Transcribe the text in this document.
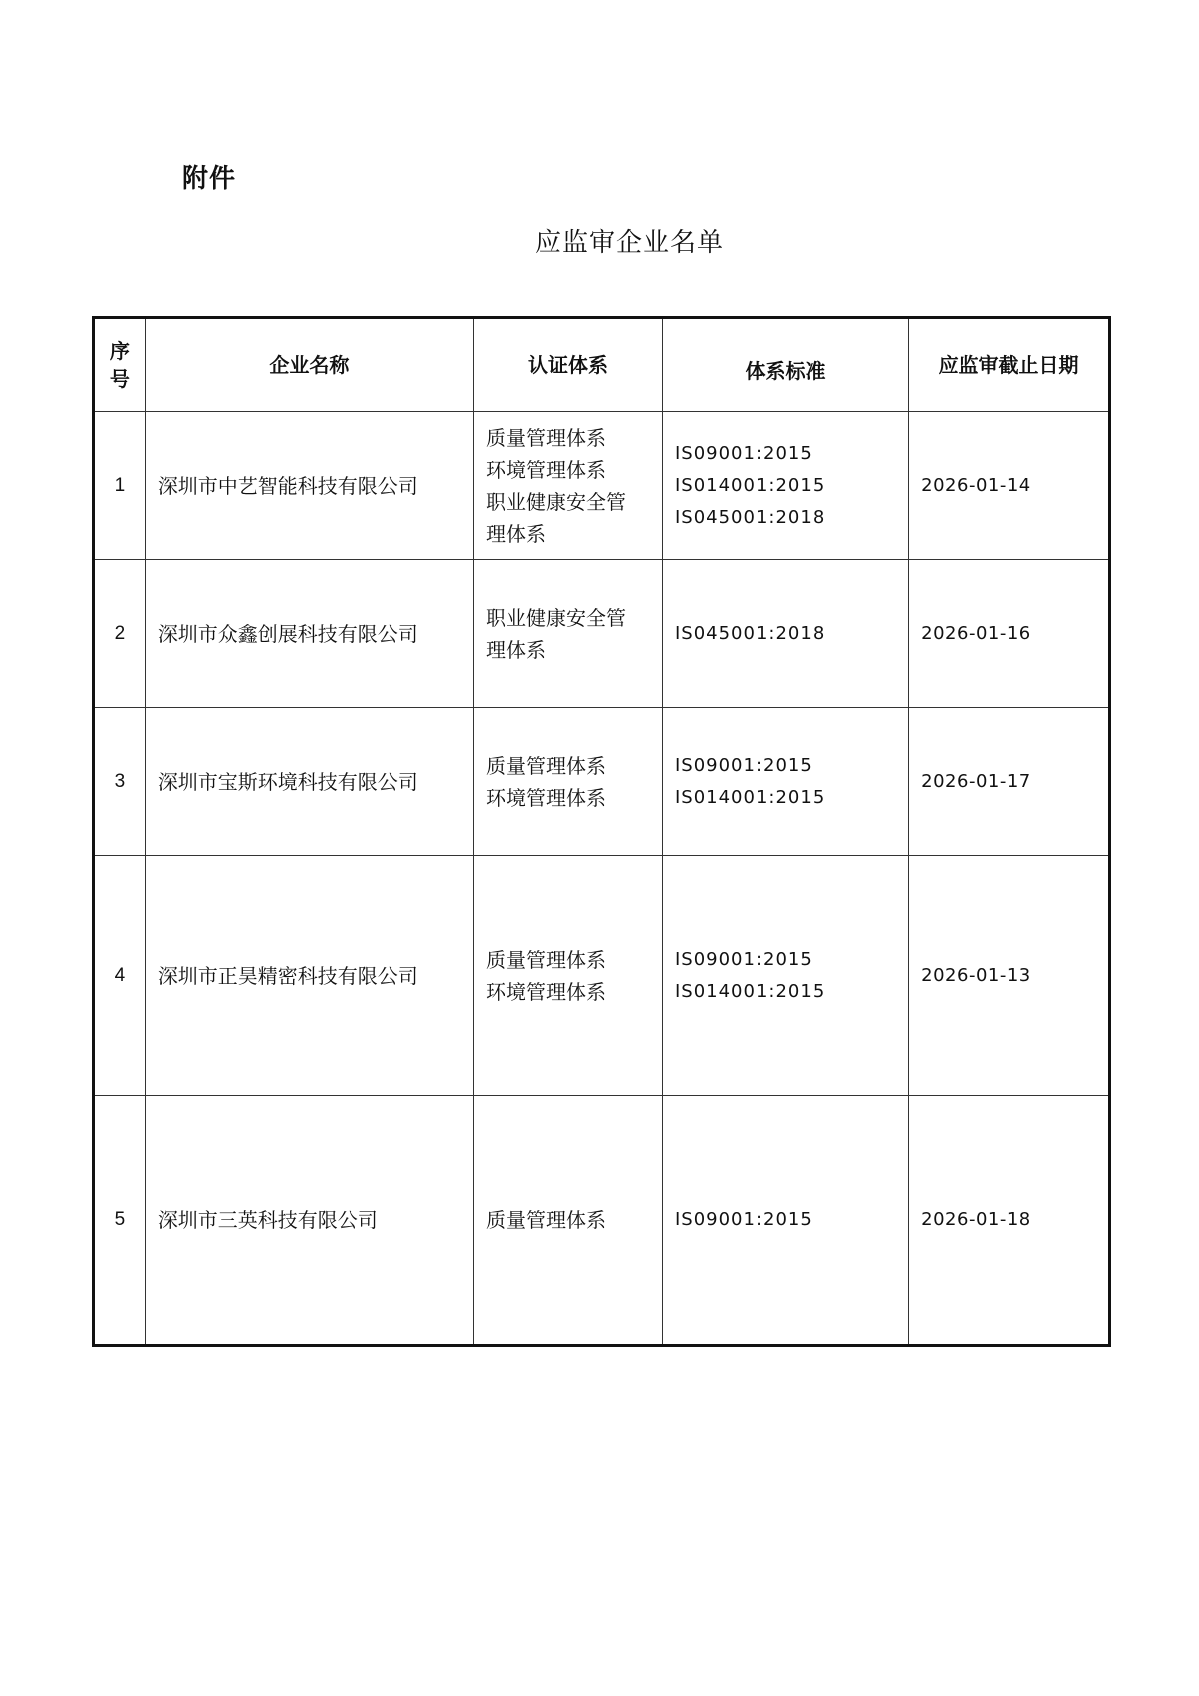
附件
应监审企业名单
序
号	企业名称	认证体系	体系标准	应监审截止日期
1	深圳市中艺智能科技有限公司	质量管理体系
环境管理体系
职业健康安全管
理体系	IS09001:2015
IS014001:2015
IS045001:2018	2026-01-14
2	深圳市众鑫创展科技有限公司	职业健康安全管
理体系	IS045001:2018	2026-01-16
3	深圳市宝斯环境科技有限公司	质量管理体系
环境管理体系	IS09001:2015
IS014001:2015	2026-01-17
4	深圳市正昊精密科技有限公司	质量管理体系
环境管理体系	IS09001:2015
IS014001:2015	2026-01-13
5	深圳市三英科技有限公司	质量管理体系	IS09001:2015	2026-01-18
